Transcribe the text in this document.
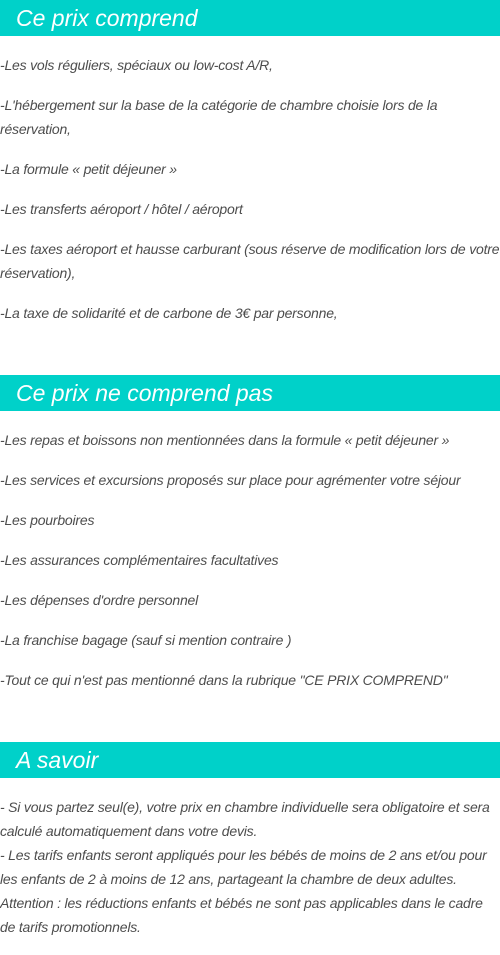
Ce prix comprend
-Les vols réguliers, spéciaux ou low-cost A/R,
-L'hébergement sur la base de la catégorie de chambre choisie lors de la réservation,
-La formule « petit déjeuner »
-Les transferts aéroport / hôtel / aéroport
-Les taxes aéroport et hausse carburant (sous réserve de modification lors de votre réservation),
-La taxe de solidarité et de carbone de 3€ par personne,
Ce prix ne comprend pas
-Les repas et boissons non mentionnées dans la formule « petit déjeuner »
-Les services et excursions proposés sur place pour agrémenter votre séjour
-Les pourboires
-Les assurances complémentaires facultatives
-Les dépenses d'ordre personnel
-La franchise bagage (sauf si mention contraire )
-Tout ce qui n'est pas mentionné dans la rubrique "CE PRIX COMPREND"
A savoir

- Si vous partez seul(e), votre prix en chambre individuelle sera obligatoire et sera calculé automatiquement dans votre devis.

- Les tarifs enfants seront appliqués pour les bébés de moins de 2 ans et/ou pour les enfants de 2 à moins de 12 ans, partageant la chambre de deux adultes.

Attention : les réductions enfants et bébés ne sont pas applicables dans le cadre de tarifs promotionnels.
